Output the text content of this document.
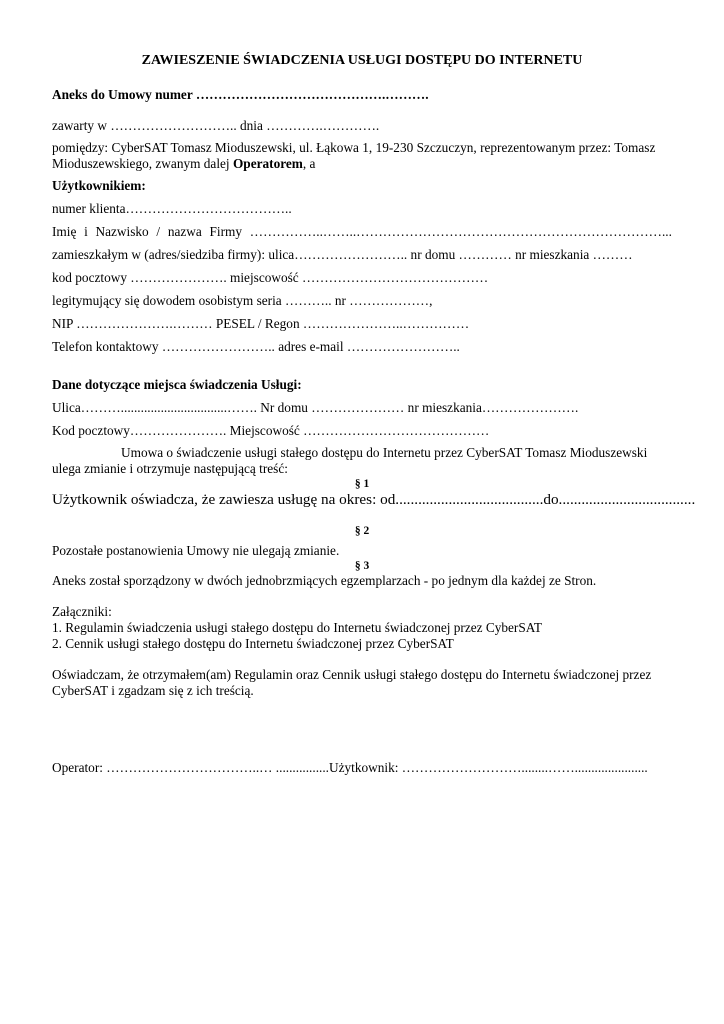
ZAWIESZENIE ŚWIADCZENIA USŁUGI DOSTĘPU DO INTERNETU
Aneks do Umowy numer …………………………………….……….
zawarty w ……………………….. dnia ………….………….
pomiędzy: CyberSAT Tomasz Mioduszewski, ul. Łąkowa 1, 19-230 Szczuczyn, reprezentowanym przez: Tomasz
Mioduszewskiego, zwanym dalej Operatorem, a
Użytkownikiem:
numer klienta………………………………..
Imię i Nazwisko / nazwa Firmy ……………..……..……………………………………………………………...
zamieszkałym w (adres/siedziba firmy): ulica…………………….. nr domu ………… nr mieszkania ………
kod pocztowy …………………. miejscowość ……………………………………
legitymujący się dowodem osobistym seria ……….. nr ………………,
NIP ………………….……… PESEL / Regon …………………..……………
Telefon kontaktowy …………………….. adres e-mail ……………………..
Dane dotyczące miejsca świadczenia Usługi:
Ulica………................................……. Nr domu ………………… nr mieszkania………………….
Kod pocztowy…………………. Miejscowość ……………………………………
Umowa o świadczenie usługi stałego dostępu do Internetu przez CyberSAT Tomasz Mioduszewski
ulega zmianie i otrzymuje następującą treść:
§ 1
Użytkownik oświadcza, że zawiesza usługę na okres: od.......................................do....................................
§ 2
Pozostałe postanowienia Umowy nie ulegają zmianie.
§ 3
Aneks został sporządzony w dwóch jednobrzmiących egzemplarzach - po jednym dla każdej ze Stron.
Załączniki:
1. Regulamin świadczenia usługi stałego dostępu do Internetu świadczonej przez CyberSAT
2. Cennik usługi stałego dostępu do Internetu świadczonej przez CyberSAT
Oświadczam, że otrzymałem(am) Regulamin oraz Cennik usługi stałego dostępu do Internetu świadczonej przez
CyberSAT i zgadzam się z ich treścią.
Operator: ……………………………..… ................Użytkownik: ………………………........……......................
